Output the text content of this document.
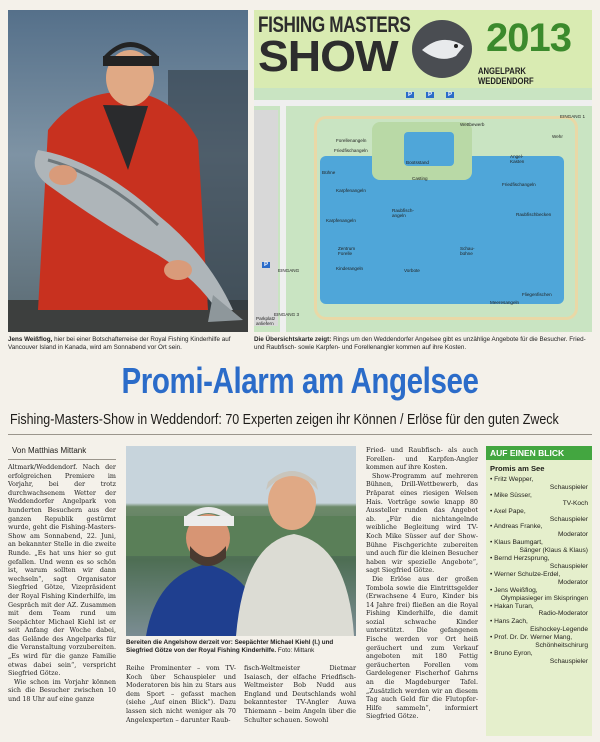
Jens Weißflog, hier bei einer Botschafterreise der Royal Fishing Kinderhilfe auf Vancouver Island in Kanada, wird am Sonnabend vor Ort sein.
FISHING MASTERS
SHOW 2013
ANGELPARK WEDDENDORF
EINGANG 1
EINGANG
EINGANG 3
Parkplatz
anliefern
P	P	P
P
Wettbewerb
Bootsstand
Angel-
Kasten
Casting
Forellenangeln
Friedfischangeln
Friedfischangeln
Karpfenangeln
Karpfenangeln
Raubfisch-
angeln	Raubfischbecken
Schau-
bühne
Vorbote
Wehr
Bühne
Kinderangeln
Meeresangeln
Fliegenfischen
Zentrum
Forelle
Die Übersichtskarte zeigt: Rings um den Weddendorfer Angelsee gibt es unzählige Angebote für die Besucher. Fried- und Raubfisch- sowie Karpfen- und Forellenangler kommen auf ihre Kosten.
Promi-Alarm am Angelsee
Fishing-Masters-Show in Weddendorf: 70 Experten zeigen ihr Können / Erlöse für den guten Zweck
Von Matthias Mittank

Altmark/Weddendorf. Nach der erfolgreichen Premiere im Vorjahr, bei der trotz durchwachsenem Wetter der Weddendorfer Angelpark von hunderten Besuchern aus der ganzen Republik gestürmt wurde, geht die Fishing-Masters-Show am Sonnabend, 22. Juni, an bekannter Stelle in die zweite Runde. „Es hat uns hier so gut gefallen. Und wenn es so schön ist, warum sollten wir dann wechseln“, sagt Organisator Siegfried Götze, Vizepräsident der Royal Fishing Kinderhilfe, im Gespräch mit der AZ. Zusammen mit dem Team rund um Seepächter Michael Kiehl ist er seit Anfang der Woche dabei, das Gelände des Angelparks für die Veranstaltung vorzubereiten. „Es wird für die ganze Familie etwas dabei sein“, verspricht Siegfried Götze.

Wie schon im Vorjahr können sich die Besucher zwischen 10 und 18 Uhr auf eine ganze

Bereiten die Angelshow derzeit vor: Seepächter Michael Kiehl (l.) und Siegfried Götze von der Royal Fishing Kinderhilfe. Foto: Mittank

Reihe Prominenter – vom TV-Koch über Schauspieler und Moderatoren bis hin zu Stars aus dem Sport – gefasst machen (siehe „Auf einen Blick“). Dazu lassen sich nicht weniger als 70 Angelexperten – darunter Raub-

fisch-Weltmeister Dietmar Isaiasch, der elfache Friedfisch-Weltmeister Bob Nudd aus England und Deutschlands wohl bekanntester TV-Angler Auwa Thiemann – beim Angeln über die Schulter schauen. Sowohl

Fried- und Raubfisch- als auch Forellen- und Karpfen-Angler kommen auf ihre Kosten.

Show-Programm auf mehreren Bühnen, Drill-Wettbewerb, das Präparat eines riesigen Welsen Hais. Vorträge sowie knapp 80 Aussteller runden das Angebot ab. „Für die nichtangelnde weibliche Begleitung wird TV-Koch Mike Süsser auf der Show-Bühne Fischgerichte zubereiten und auch für die kleinen Besucher haben wir spezielle Angebote“, sagt Siegfried Götze.

Die Erlöse aus der großen Tombola sowie die Eintrittsgelder (Erwachsene 4 Euro, Kinder bis 14 Jahre frei) fließen an die Royal Fishing Kinderhilfe, die damit sozial schwache Kinder unterstützt. Die gefangenen Fische werden vor Ort heiß geräuchert und zum Verkauf angeboten mit 180 Fettig geräucherten Forellen vom Gardelegener Fischerhof Gahrns an die Magdeburger Tafel. „Zusätzlich werden wir an diesem Tag auch Geld für die Flutopfer-Hilfe sammeln“, informiert Siegfried Götze.

AUF EINEN BLICK
Promis am See
• Fritz Wepper,
Schauspieler
• Mike Süsser,
TV-Koch
• Axel Pape,
Schauspieler
• Andreas Franke,
Moderator
• Klaus Baumgart,
Sänger (Klaus & Klaus)
• Bernd Herzsprung,
Schauspieler
• Werner Schulze-Erdel,
Moderator
• Jens Weißflog,
Olympiasieger im Skispringen
• Hakan Turan,
Radio-Moderator
• Hans Zach,
Eishockey-Legende
• Prof. Dr. Dr. Werner Mang,
Schönheitschirurg
• Bruno Eyron,
Schauspieler
